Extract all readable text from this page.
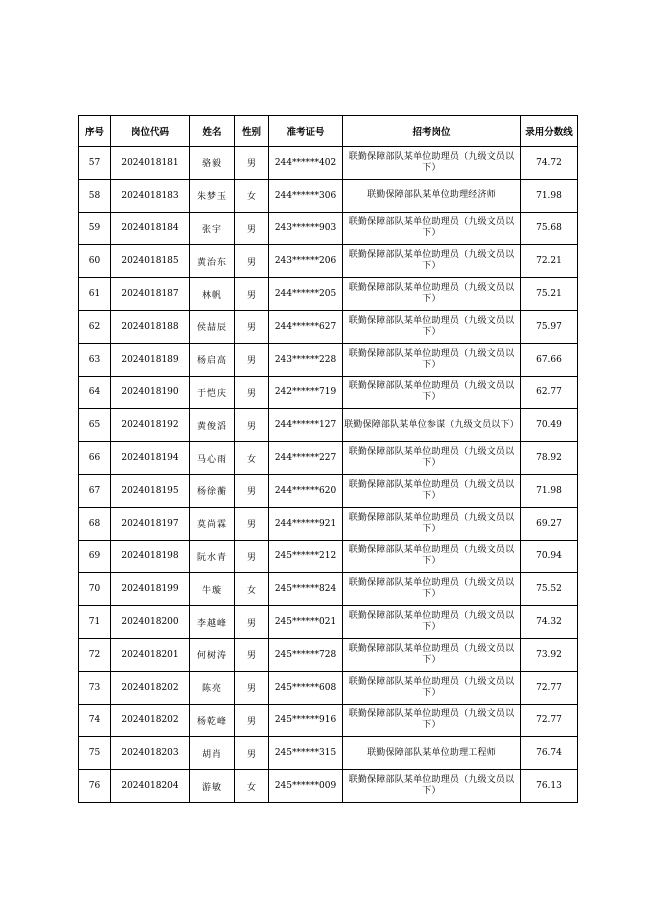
序号	岗位代码	姓名	性别	准考证号	招考岗位	录用分数线
57	2024018181	骆毅	男	244******402	联勤保障部队某单位助理员（九级文员以下）	74.72
58	2024018183	朱梦玉	女	244******306	联勤保障部队某单位助理经济师	71.98
59	2024018184	张宇	男	243******903	联勤保障部队某单位助理员（九级文员以下）	75.68
60	2024018185	黄治东	男	243******206	联勤保障部队某单位助理员（九级文员以下）	72.21
61	2024018187	林帆	男	244******205	联勤保障部队某单位助理员（九级文员以下）	75.21
62	2024018188	侯喆辰	男	244******627	联勤保障部队某单位助理员（九级文员以下）	75.97
63	2024018189	杨启高	男	243******228	联勤保障部队某单位助理员（九级文员以下）	67.66
64	2024018190	于恺庆	男	242******719	联勤保障部队某单位助理员（九级文员以下）	62.77
65	2024018192	黄俊滔	男	244******127	联勤保障部队某单位参谋（九级文员以下）	70.49
66	2024018194	马心雨	女	244******227	联勤保障部队某单位助理员（九级文员以下）	78.92
67	2024018195	杨徐蘅	男	244******620	联勤保障部队某单位助理员（九级文员以下）	71.98
68	2024018197	莫尚霖	男	244******921	联勤保障部队某单位助理员（九级文员以下）	69.27
69	2024018198	阮水青	男	245******212	联勤保障部队某单位助理员（九级文员以下）	70.94
70	2024018199	牛璇	女	245******824	联勤保障部队某单位助理员（九级文员以下）	75.52
71	2024018200	李越峰	男	245******021	联勤保障部队某单位助理员（九级文员以下）	74.32
72	2024018201	何树涛	男	245******728	联勤保障部队某单位助理员（九级文员以下）	73.92
73	2024018202	陈亮	男	245******608	联勤保障部队某单位助理员（九级文员以下）	72.77
74	2024018202	杨乾峰	男	245******916	联勤保障部队某单位助理员（九级文员以下）	72.77
75	2024018203	胡肖	男	245******315	联勤保障部队某单位助理工程师	76.74
76	2024018204	游敏	女	245******009	联勤保障部队某单位助理员（九级文员以下）	76.13
